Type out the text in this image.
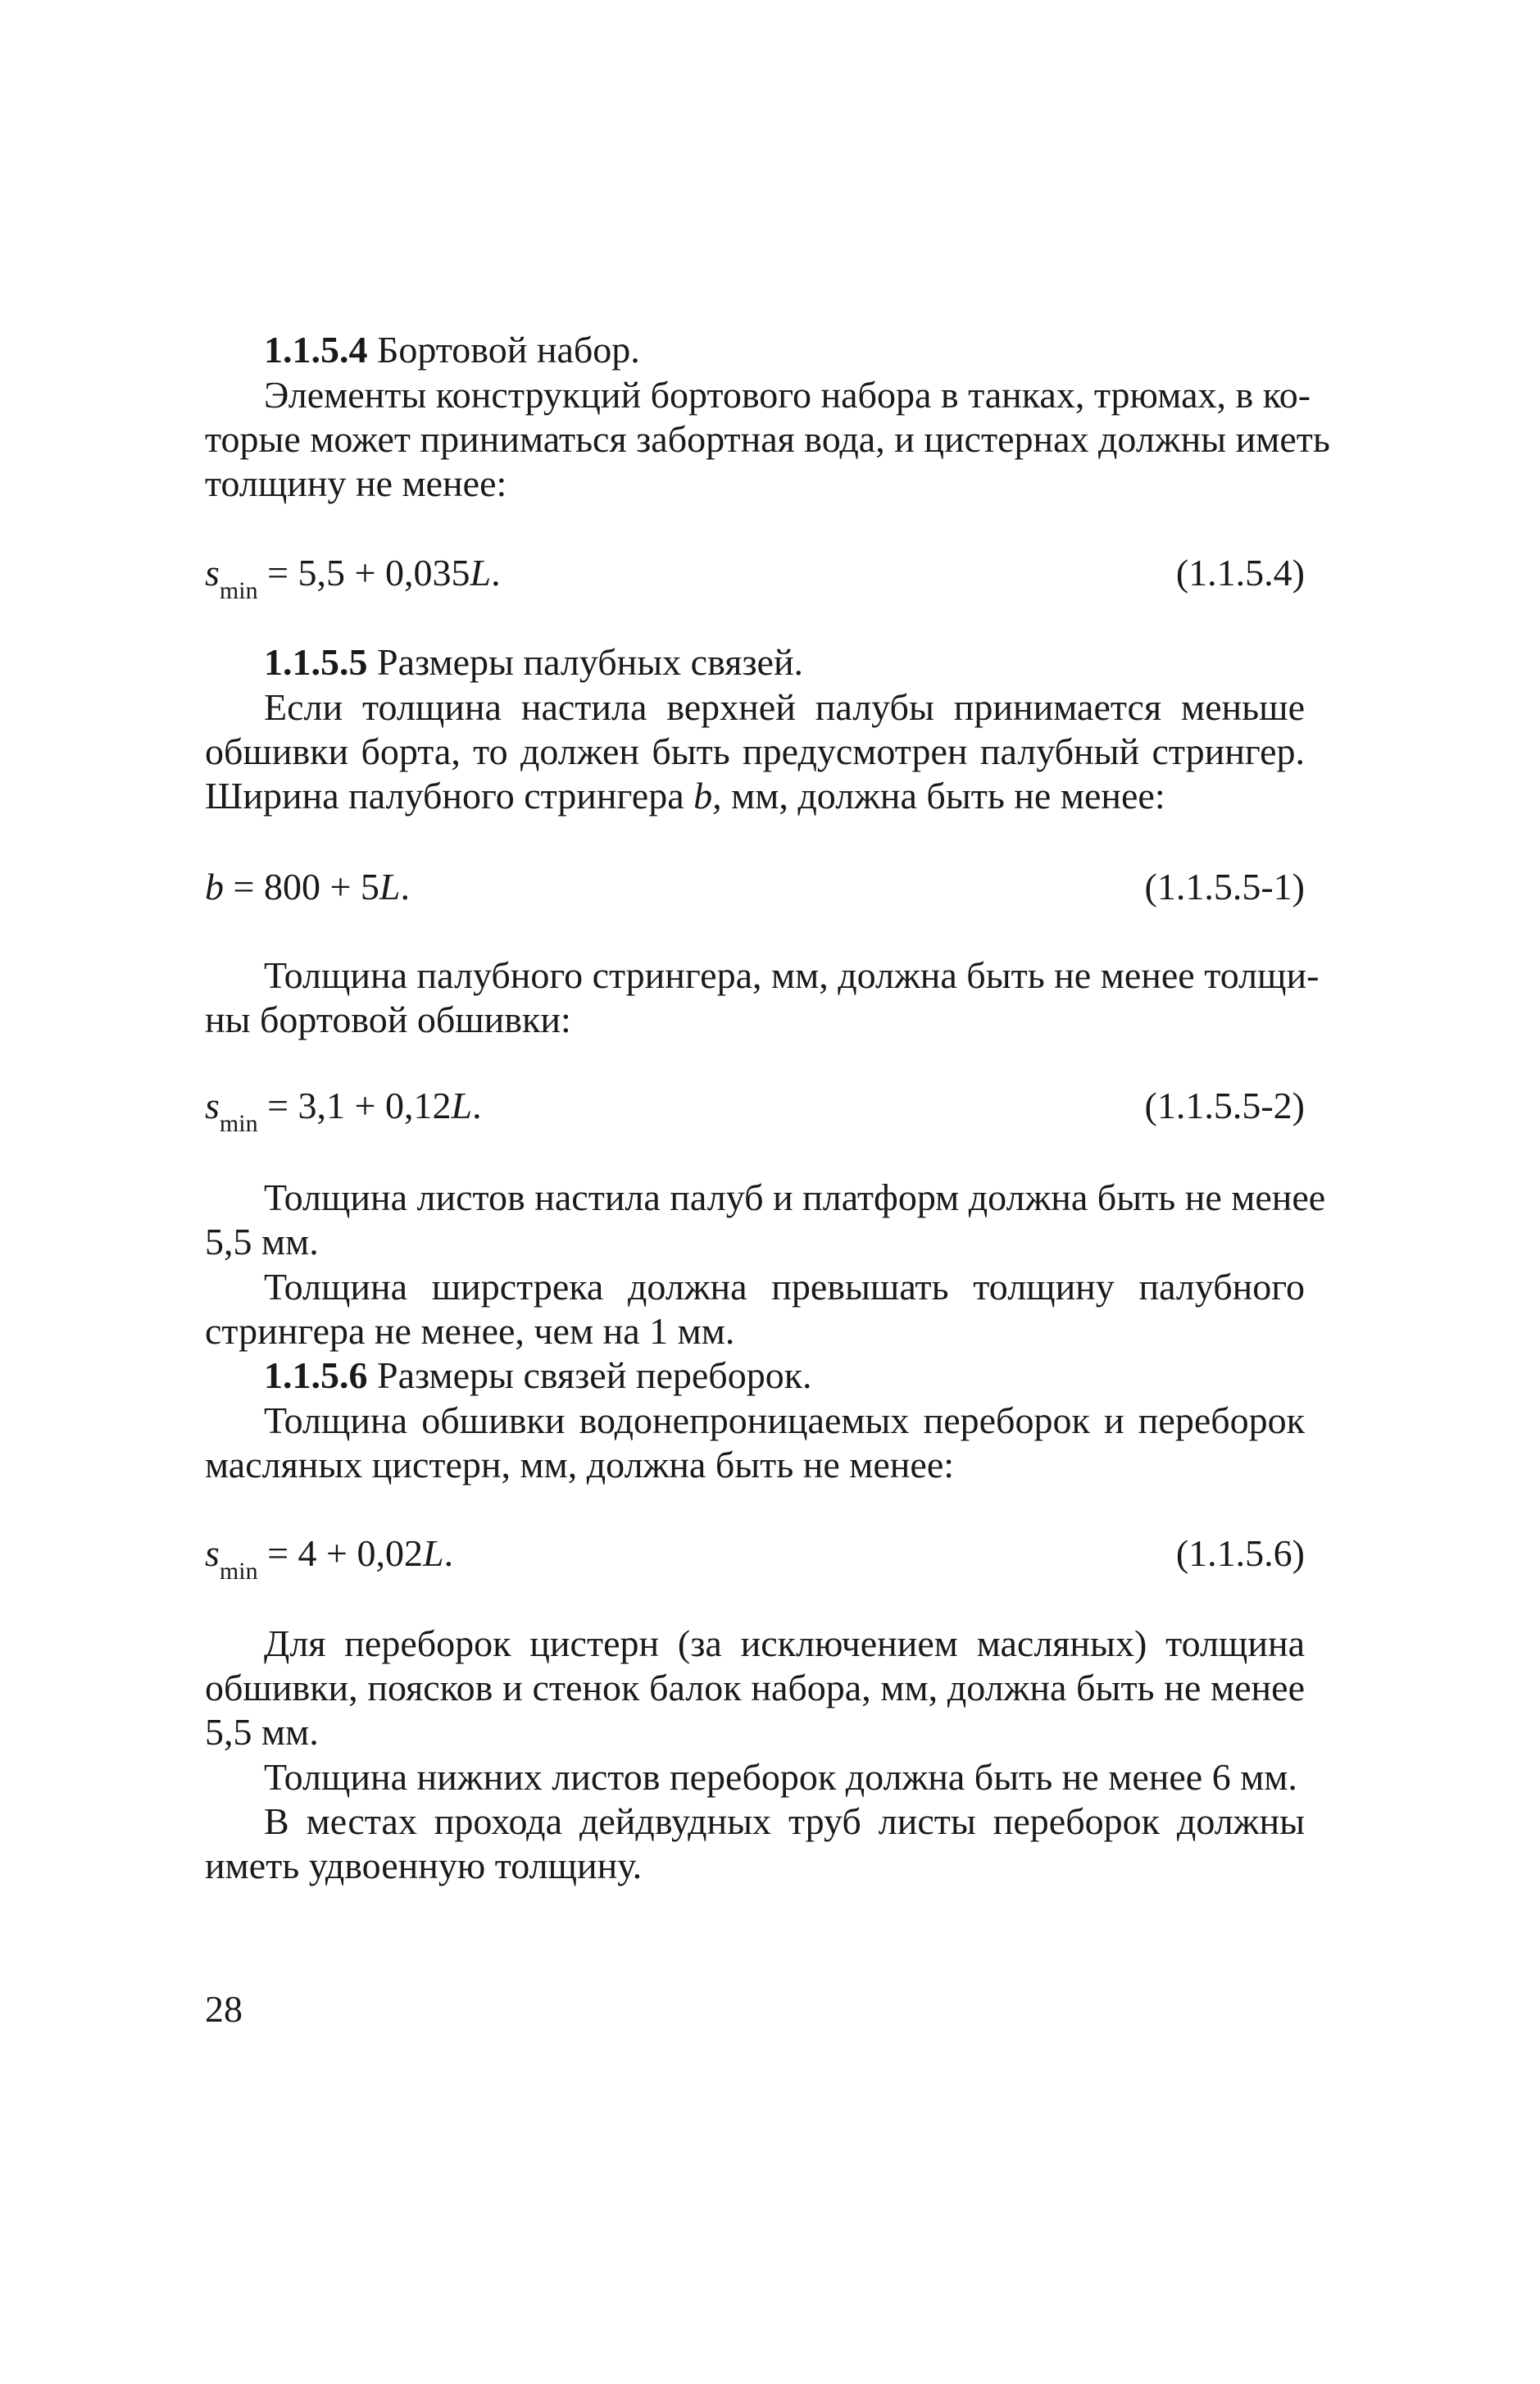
1.1.5.4 Бортовой набор.
Элементы конструкций бортового набора в танках, трюмах, в ко-
торые может приниматься забортная вода, и цистернах должны иметь
толщину не менее:
$s_{min} = 5,5 + 0,035L$.	(1.1.5.4)
1.1.5.5 Размеры палубных связей.
Если толщина настила верхней палубы принимается меньше
обшивки борта, то должен быть предусмотрен палубный стрингер.
Ширина палубного стрингера b, мм, должна быть не менее:
b = 800 + 5L.	(1.1.5.5-1)
Толщина палубного стрингера, мм, должна быть не менее толщи-
ны бортовой обшивки:
$s_{min} = 3,1 + 0,12L$.	(1.1.5.5-2)
Толщина листов настила палуб и платформ должна быть не менее
5,5 мм.
Толщина ширстрека должна превышать толщину палубного
стрингера не менее, чем на 1 мм.
1.1.5.6 Размеры связей переборок.
Толщина обшивки водонепроницаемых переборок и переборок
масляных цистерн, мм, должна быть не менее:
$s_{min} = 4 + 0,02L$.	(1.1.5.6)
Для переборок цистерн (за исключением масляных) толщина
обшивки, поясков и стенок балок набора, мм, должна быть не менее
5,5 мм.
Толщина нижних листов переборок должна быть не менее 6 мм.
В местах прохода дейдвудных труб листы переборок должны
иметь удвоенную толщину.
28
